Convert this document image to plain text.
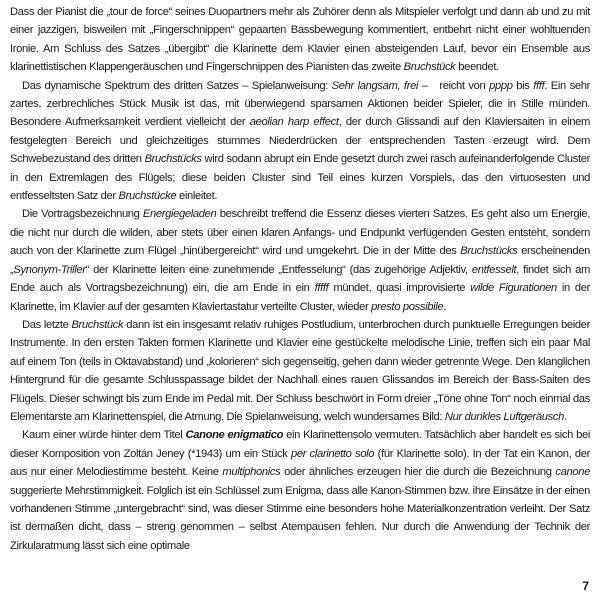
Dass der Pianist die „tour de force“ seines Duopartners mehr als Zuhörer denn als Mitspieler verfolgt und dann ab und zu mit einer jazzigen, bisweilen mit „Fingerschnippen“ gepaarten Bassbewegung kommentiert, entbehrt nicht einer wohltuenden Ironie. Am Schluss des Satzes „übergibt“ die Klarinette dem Klavier einen absteigenden Lauf, bevor ein Ensemble aus klarinettistischen Klappengeräuschen und Fingerschnippen des Pianisten das zweite Bruchstück beendet.

Das dynamische Spektrum des dritten Satzes – Spielanweisung: Sehr langsam, frei – reicht von pppp bis ffff. Ein sehr zartes, zerbrechliches Stück Musik ist das, mit überwiegend sparsamen Aktionen beider Spieler, die in Stille münden. Besondere Aufmerksamkeit verdient vielleicht der aeolian harp effect, der durch Glissandi auf den Klaviersaiten in einem festgelegten Bereich und gleichzeitiges stummes Niederdrücken der entsprechenden Tasten erzeugt wird. Dem Schwebezustand des dritten Bruchstücks wird sodann abrupt ein Ende gesetzt durch zwei rasch aufeinanderfolgende Cluster in den Extremlagen des Flügels; diese beiden Cluster sind Teil eines kurzen Vorspiels, das den virtuosesten und entfesseltsten Satz der Bruchstücke einleitet.

Die Vortragsbezeichnung Energiegeladen beschreibt treffend die Essenz dieses vierten Satzes. Es geht also um Energie, die nicht nur durch die wilden, aber stets über einen klaren Anfangs- und Endpunkt verfügenden Gesten entsteht, sondern auch von der Klarinette zum Flügel „hinübergereicht“ wird und umgekehrt. Die in der Mitte des Bruchstücks erscheinenden „Synonym-Triller“ der Klarinette leiten eine zunehmende „Entfesselung“ (das zugehörige Adjektiv, entfesselt, findet sich am Ende auch als Vortragsbezeichnung) ein, die am Ende in ein fffff mündet, quasi improvisierte wilde Figurationen in der Klarinette, im Klavier auf der gesamten Klaviertastatur verteilte Cluster, wieder presto possibile.

Das letzte Bruchstück dann ist ein insgesamt relativ ruhiges Postludium, unterbrochen durch punktuelle Erregungen beider Instrumente. In den ersten Takten formen Klarinette und Klavier eine gestückelte melodische Linie, treffen sich ein paar Mal auf einem Ton (teils in Oktavabstand) und „kolorieren“ sich gegenseitig, gehen dann wieder getrennte Wege. Den klanglichen Hintergrund für die gesamte Schlusspassage bildet der Nachhall eines rauen Glissandos im Bereich der Bass-Saiten des Flügels. Dieser schwingt bis zum Ende im Pedal mit. Der Schluss beschwört in Form dreier „Töne ohne Ton“ noch einmal das Elementarste am Klarinettenspiel, die Atmung. Die Spielanweisung, welch wundersames Bild: Nur dunkles Luftgeräusch.

Kaum einer würde hinter dem Titel Canone enigmatico ein Klarinettensolo vermuten. Tatsächlich aber handelt es sich bei dieser Komposition von Zoltán Jeney (*1943) um ein Stück per clarinetto solo (für Klarinette solo). In der Tat ein Kanon, der aus nur einer Melodiestimme besteht. Keine multiphonics oder ähnliches erzeugen hier die durch die Bezeichnung canone suggerierte Mehrstimmigkeit. Folglich ist ein Schlüssel zum Enigma, dass alle Kanon-Stimmen bzw. ihre Einsätze in der einen vorhandenen Stimme „untergebracht“ sind, was dieser Stimme eine besonders hohe Materialkonzentration verleiht. Der Satz ist dermaßen dicht, dass – streng genommen – selbst Atempausen fehlen. Nur durch die Anwendung der Technik der Zirkularatmung lässt sich eine optimale

7
